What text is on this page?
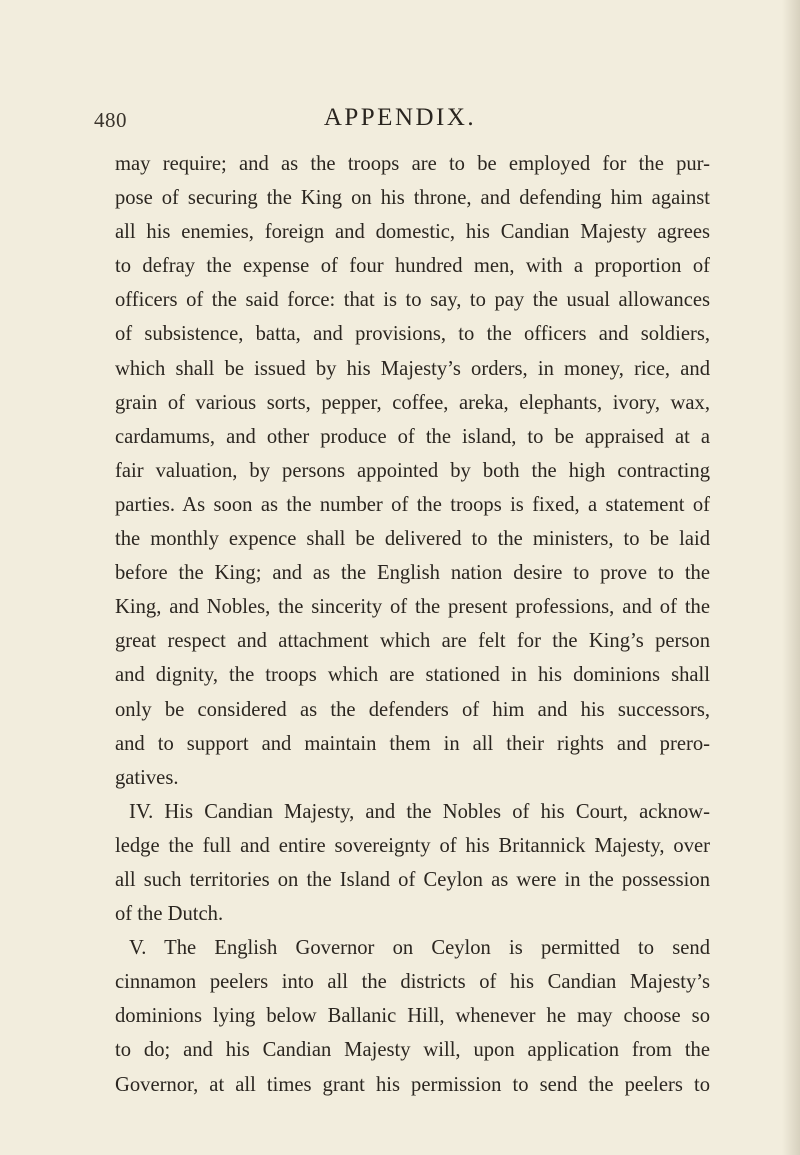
480	APPENDIX.
may require; and as the troops are to be employed for the pur-
pose of securing the King on his throne, and defending him against
all his enemies, foreign and domestic, his Candian Majesty agrees
to defray the expense of four hundred men, with a proportion of
officers of the said force: that is to say, to pay the usual allowances
of subsistence, batta, and provisions, to the officers and soldiers,
which shall be issued by his Majesty’s orders, in money, rice, and
grain of various sorts, pepper, coffee, areka, elephants, ivory, wax,
cardamums, and other produce of the island, to be appraised at a
fair valuation, by persons appointed by both the high contracting
parties. As soon as the number of the troops is fixed, a statement of
the monthly expence shall be delivered to the ministers, to be laid
before the King; and as the English nation desire to prove to the
King, and Nobles, the sincerity of the present professions, and of the
great respect and attachment which are felt for the King’s person
and dignity, the troops which are stationed in his dominions shall
only be considered as the defenders of him and his successors,
and to support and maintain them in all their rights and prero-
gatives.
IV. His Candian Majesty, and the Nobles of his Court, acknow-
ledge the full and entire sovereignty of his Britannick Majesty, over
all such territories on the Island of Ceylon as were in the possession
of the Dutch.
V. The English Governor on Ceylon is permitted to send
cinnamon peelers into all the districts of his Candian Majesty’s
dominions lying below Ballanic Hill, whenever he may choose so
to do; and his Candian Majesty will, upon application from the
Governor, at all times grant his permission to send the peelers to
